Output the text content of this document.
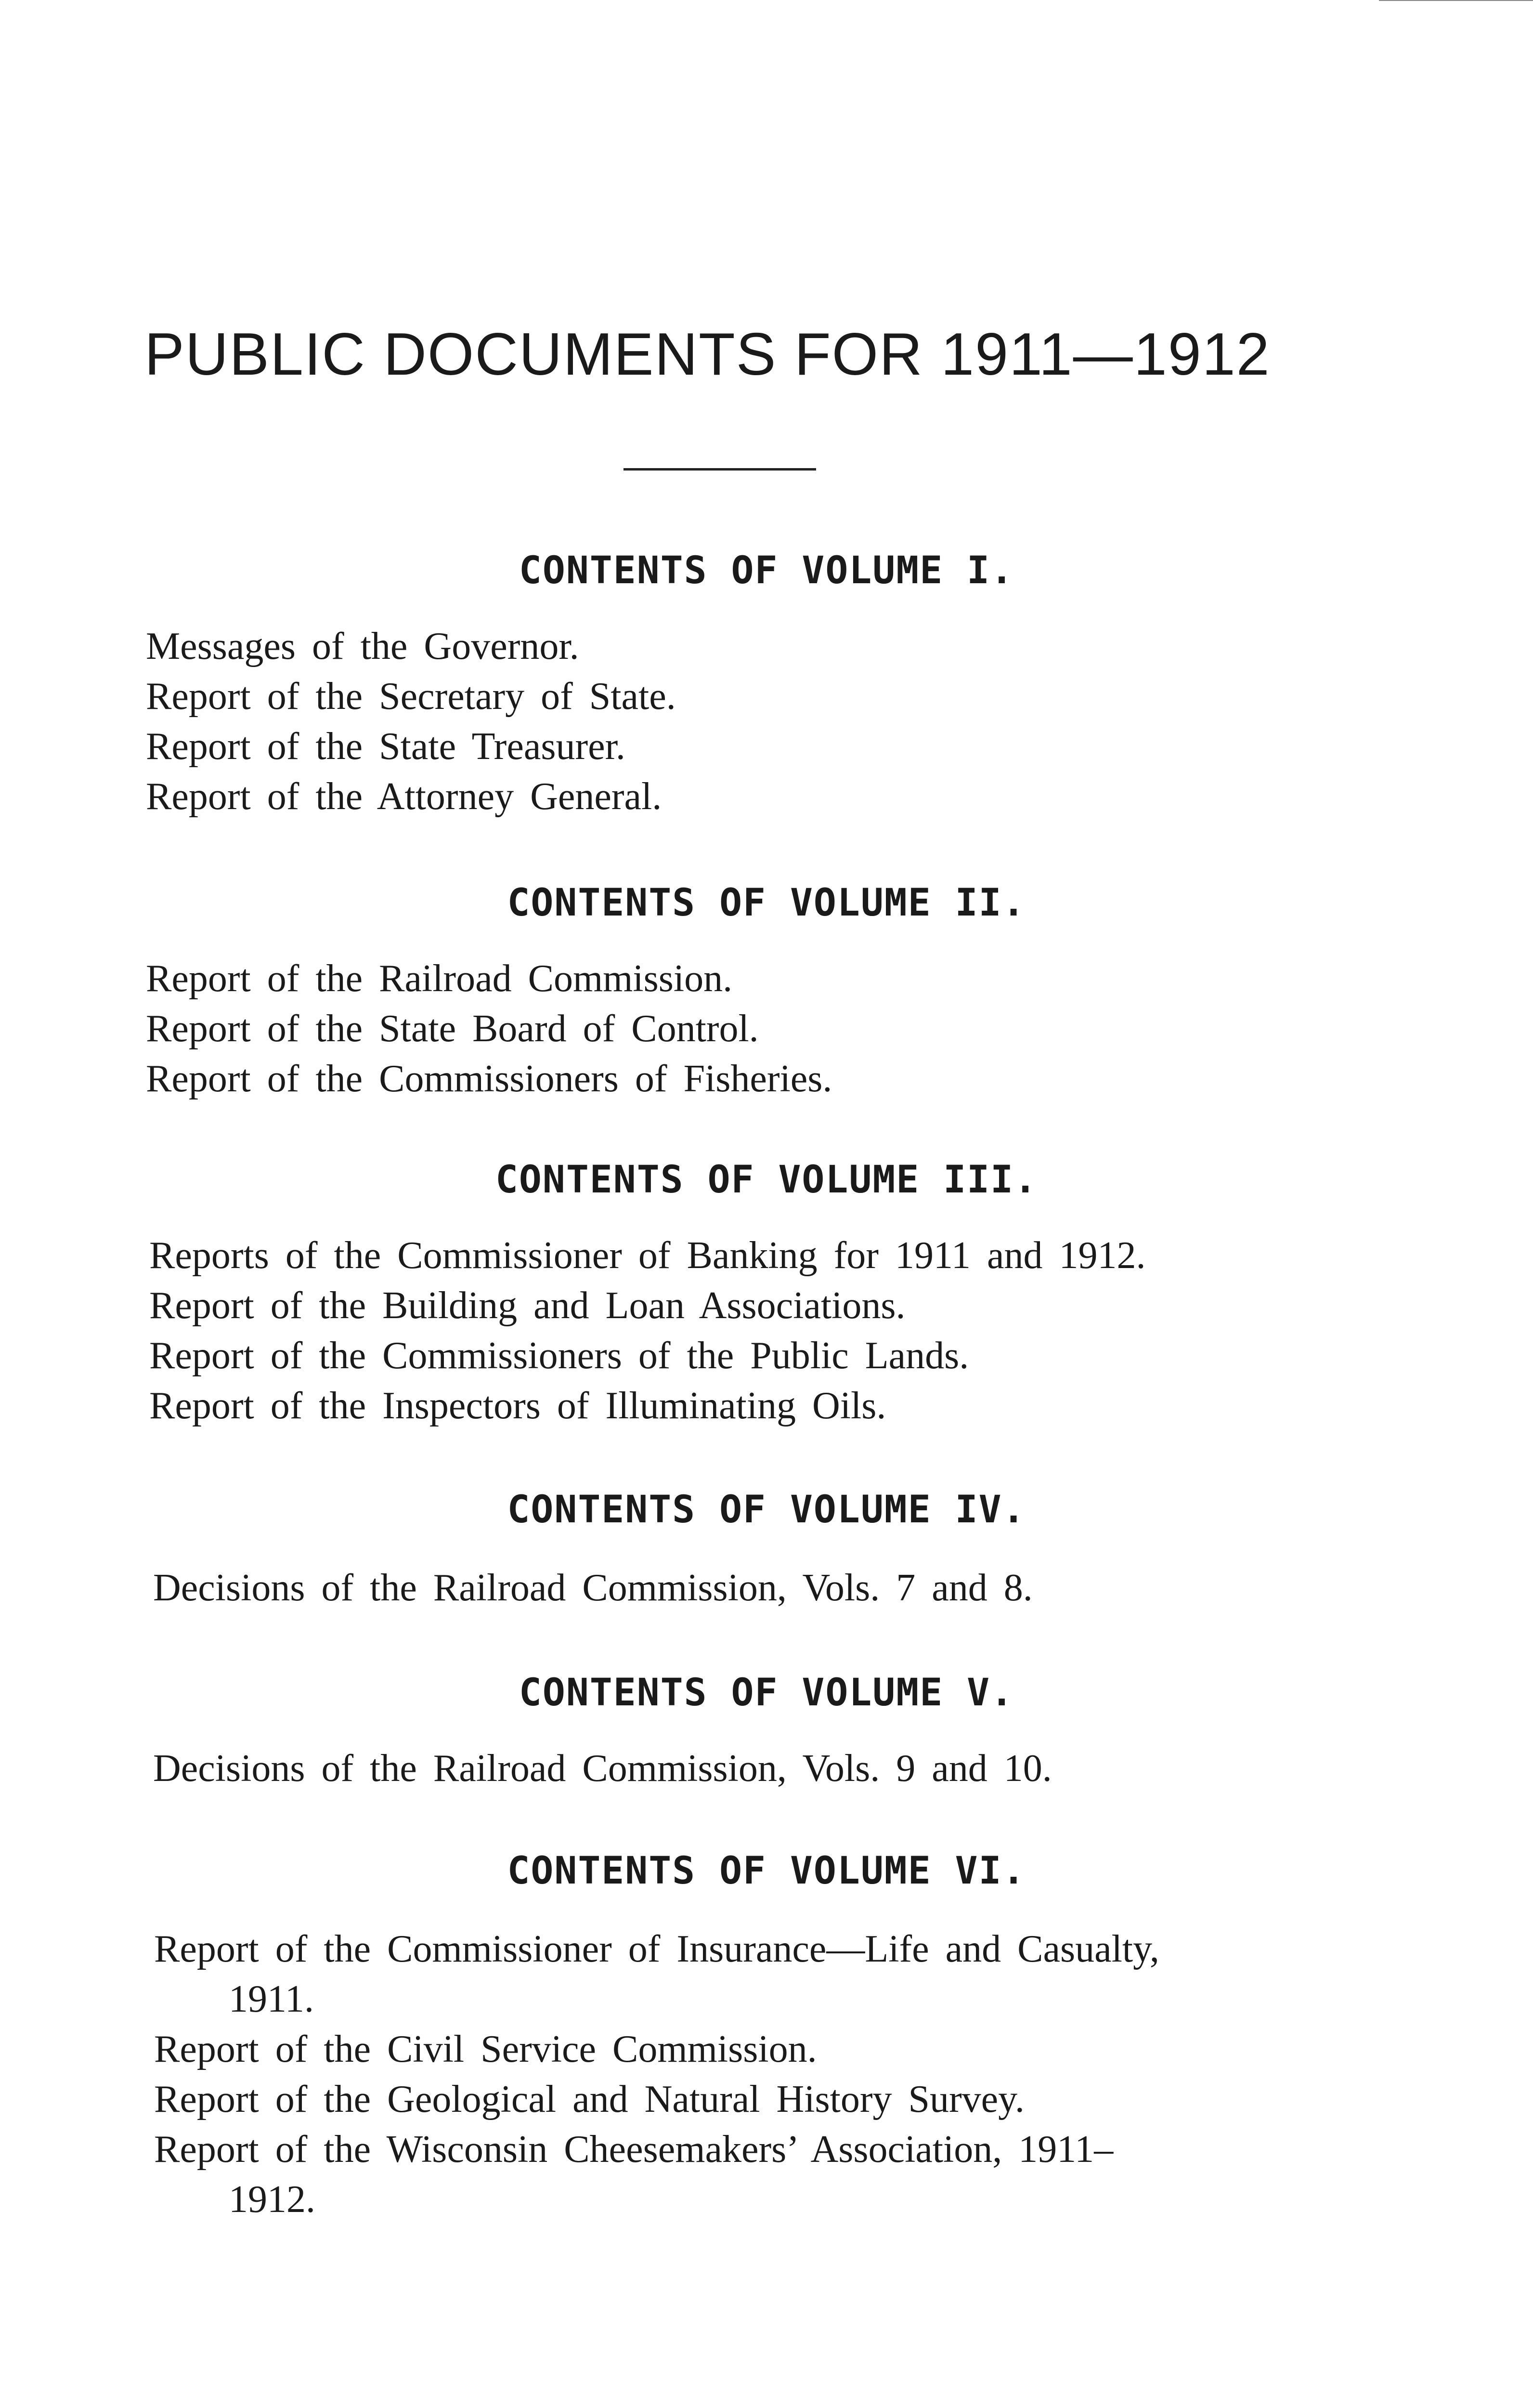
PUBLIC DOCUMENTS FOR 1911—1912
CONTENTS OF VOLUME I.
Messages of the Governor.
Report of the Secretary of State.
Report of the State Treasurer.
Report of the Attorney General.
CONTENTS OF VOLUME II.
Report of the Railroad Commission.
Report of the State Board of Control.
Report of the Commissioners of Fisheries.
CONTENTS OF VOLUME III.
Reports of the Commissioner of Banking for 1911 and 1912.
Report of the Building and Loan Associations.
Report of the Commissioners of the Public Lands.
Report of the Inspectors of Illuminating Oils.
CONTENTS OF VOLUME IV.
Decisions of the Railroad Commission, Vols. 7 and 8.
CONTENTS OF VOLUME V.
Decisions of the Railroad Commission, Vols. 9 and 10.
CONTENTS OF VOLUME VI.
Report of the Commissioner of Insurance—Life and Casualty,
1911.
Report of the Civil Service Commission.
Report of the Geological and Natural History Survey.
Report of the Wisconsin Cheesemakers’ Association, 1911–
1912.
